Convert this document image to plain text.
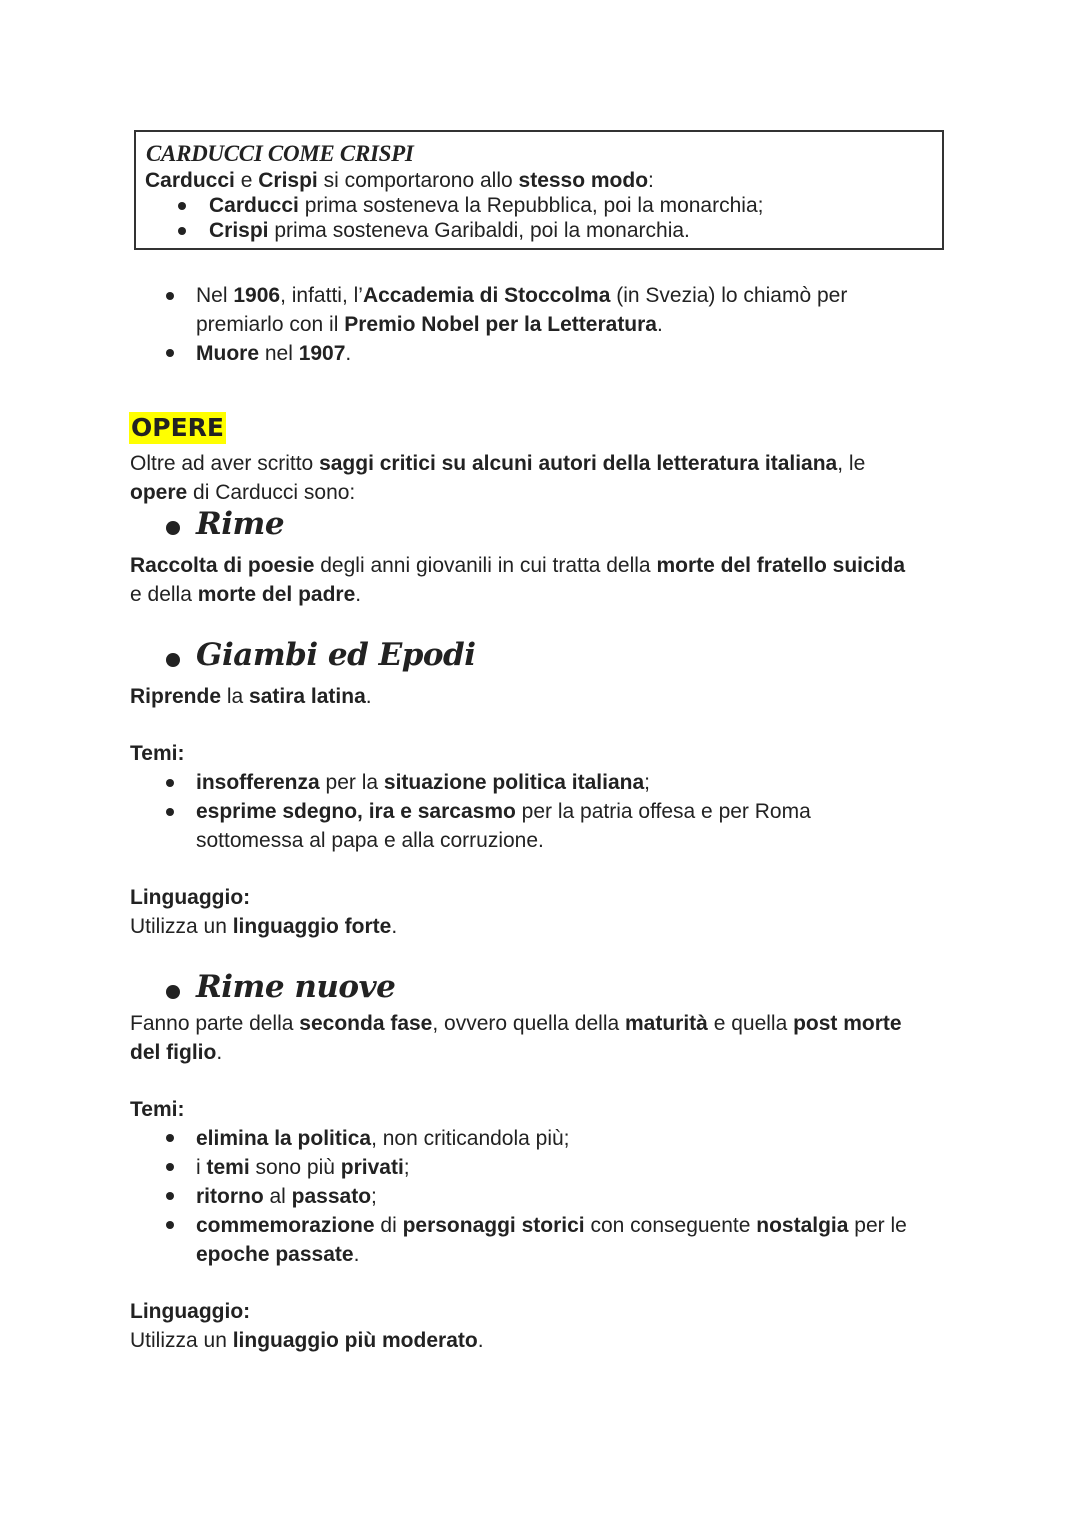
CARDUCCI COME CRISPI
Carducci e Crispi si comportarono allo stesso modo:
Carducci prima sosteneva la Repubblica, poi la monarchia;
Crispi prima sosteneva Garibaldi, poi la monarchia.
Nel 1906, infatti, l’Accademia di Stoccolma (in Svezia) lo chiamò per
premiarlo con il Premio Nobel per la Letteratura.
Muore nel 1907.
OPERE
Oltre ad aver scritto saggi critici su alcuni autori della letteratura italiana, le
opere di Carducci sono:
Rime
Raccolta di poesie degli anni giovanili in cui tratta della morte del fratello suicida
e della morte del padre.
Giambi ed Epodi
Riprende la satira latina.
Temi:
insofferenza per la situazione politica italiana;
esprime sdegno, ira e sarcasmo per la patria offesa e per Roma
sottomessa al papa e alla corruzione.
Linguaggio:
Utilizza un linguaggio forte.
Rime nuove
Fanno parte della seconda fase, ovvero quella della maturità e quella post morte
del figlio.
Temi:
elimina la politica, non criticandola più;
i temi sono più privati;
ritorno al passato;
commemorazione di personaggi storici con conseguente nostalgia per le
epoche passate.
Linguaggio:
Utilizza un linguaggio più moderato.
